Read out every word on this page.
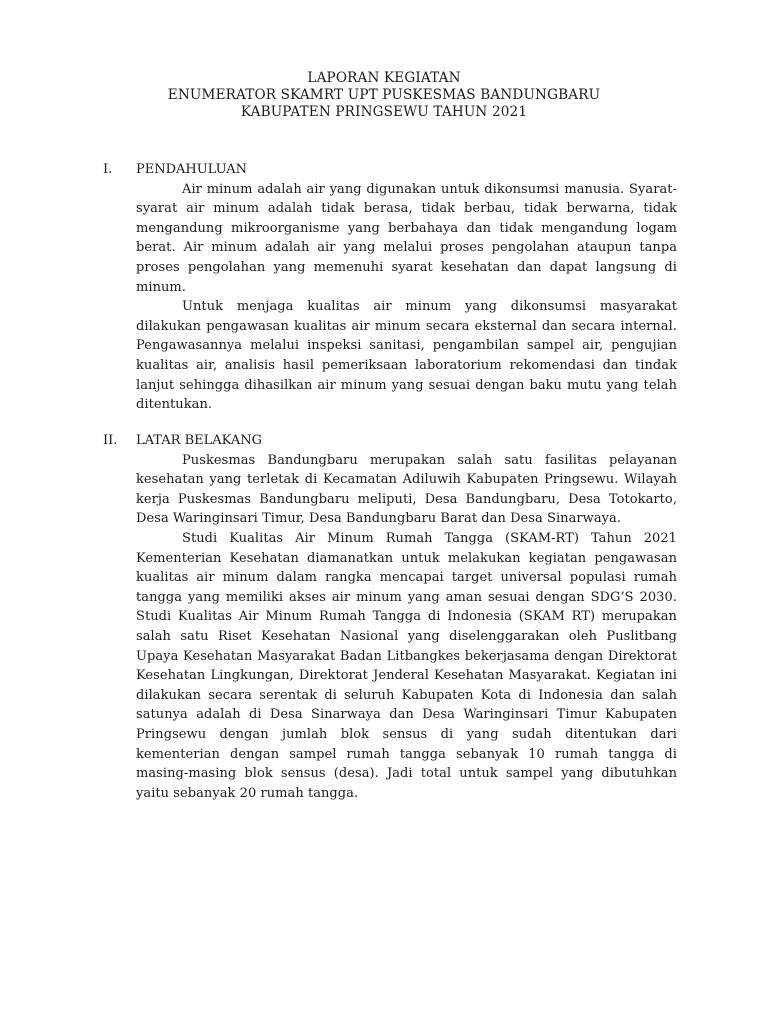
LAPORAN KEGIATAN
ENUMERATOR SKAMRT UPT PUSKESMAS BANDUNGBARU
KABUPATEN PRINGSEWU TAHUN 2021
I. PENDAHULUAN

Air minum adalah air yang digunakan untuk dikonsumsi manusia. Syarat-syarat air minum adalah tidak berasa, tidak berbau, tidak berwarna, tidak mengandung mikroorganisme yang berbahaya dan tidak mengandung logam berat. Air minum adalah air yang melalui proses pengolahan ataupun tanpa proses pengolahan yang memenuhi syarat kesehatan dan dapat langsung di minum.

Untuk menjaga kualitas air minum yang dikonsumsi masyarakat dilakukan pengawasan kualitas air minum secara eksternal dan secara internal. Pengawasannya melalui inspeksi sanitasi, pengambilan sampel air, pengujian kualitas air, analisis hasil pemeriksaan laboratorium rekomendasi dan tindak lanjut sehingga dihasilkan air minum yang sesuai dengan baku mutu yang telah ditentukan.

II. LATAR BELAKANG

Puskesmas Bandungbaru merupakan salah satu fasilitas pelayanan kesehatan yang terletak di Kecamatan Adiluwih Kabupaten Pringsewu. Wilayah kerja Puskesmas Bandungbaru meliputi, Desa Bandungbaru, Desa Totokarto, Desa Waringinsari Timur, Desa Bandungbaru Barat dan Desa Sinarwaya.

Studi Kualitas Air Minum Rumah Tangga (SKAM-RT) Tahun 2021 Kementerian Kesehatan diamanatkan untuk melakukan kegiatan pengawasan kualitas air minum dalam rangka mencapai target universal populasi rumah tangga yang memiliki akses air minum yang aman sesuai dengan SDG’S 2030. Studi Kualitas Air Minum Rumah Tangga di Indonesia (SKAM RT) merupakan salah satu Riset Kesehatan Nasional yang diselenggarakan oleh Puslitbang Upaya Kesehatan Masyarakat Badan Litbangkes bekerjasama dengan Direktorat Kesehatan Lingkungan, Direktorat Jenderal Kesehatan Masyarakat. Kegiatan ini dilakukan secara serentak di seluruh Kabupaten Kota di Indonesia dan salah satunya adalah di Desa Sinarwaya dan Desa Waringinsari Timur Kabupaten Pringsewu dengan jumlah blok sensus di yang sudah ditentukan dari kementerian dengan sampel rumah tangga sebanyak 10 rumah tangga di masing-masing blok sensus (desa). Jadi total untuk sampel yang dibutuhkan yaitu sebanyak 20 rumah tangga.
